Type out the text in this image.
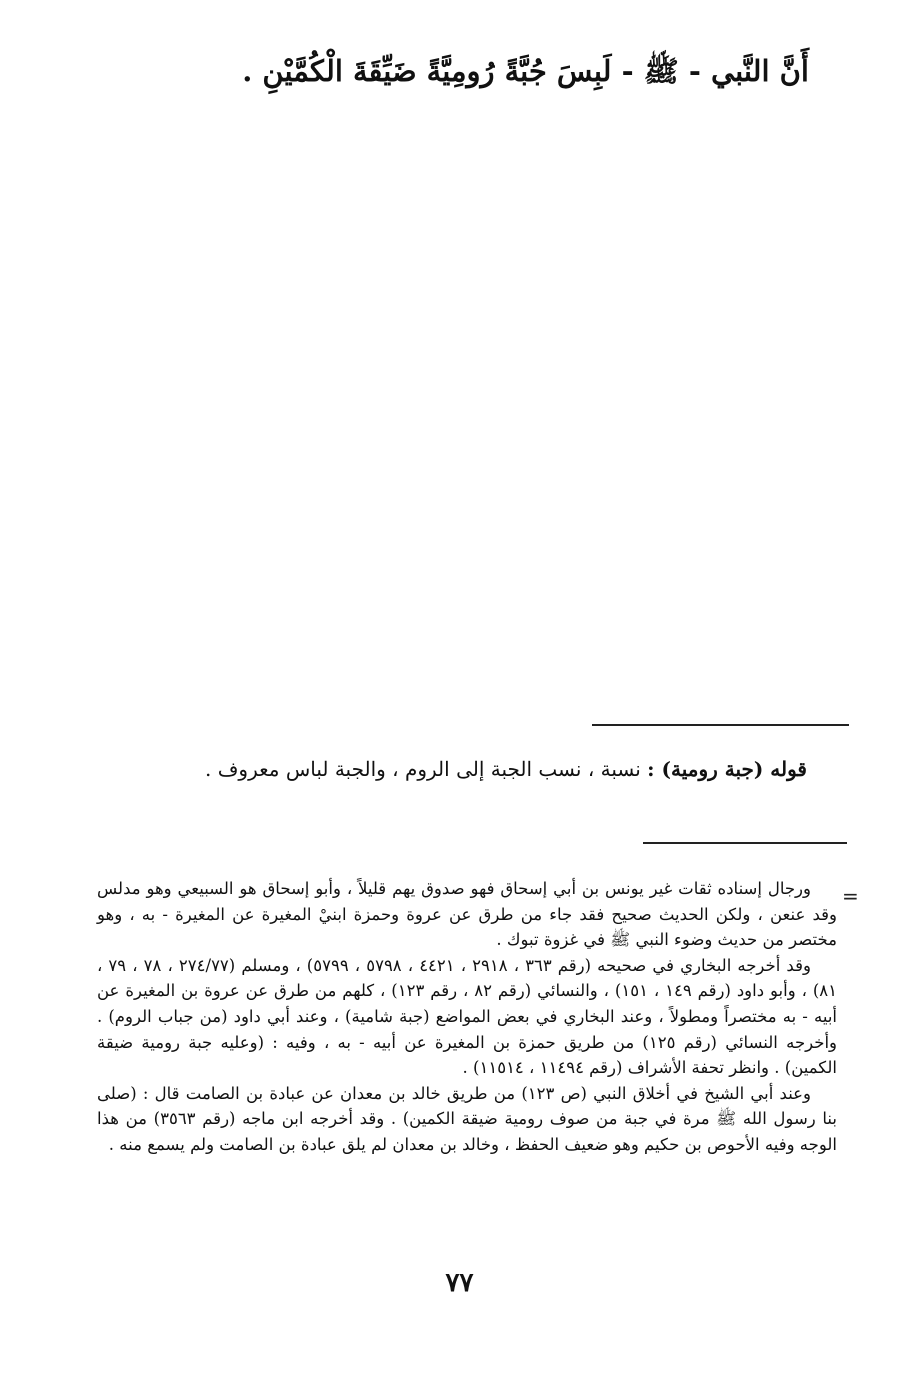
أَنَّ النَّبي - ﷺ - لَبِسَ جُبَّةً رُومِيَّةً ضَيِّقَةَ الْكُمَّيْنِ .
قوله (جبة رومية) : نسبة ، نسب الجبة إلى الروم ، والجبة لباس معروف .
=

ورجال إسناده ثقات غير يونس بن أبي إسحاق فهو صدوق يهم قليلاً ، وأبو إسحاق هو السبيعي وهو مدلس وقد عنعن ، ولكن الحديث صحيح فقد جاء من طرق عن عروة وحمزة ابنيْ المغيرة عن المغيرة - به ، وهو مختصر من حديث وضوء النبي ﷺ في غزوة تبوك .

وقد أخرجه البخاري في صحيحه (رقم ٣٦٣ ، ٢٩١٨ ، ٤٤٢١ ، ٥٧٩٨ ، ٥٧٩٩) ، ومسلم (٢٧٤/٧٧ ، ٧٨ ، ٧٩ ، ٨١) ، وأبو داود (رقم ١٤٩ ، ١٥١) ، والنسائي (رقم ٨٢ ، رقم ١٢٣) ، كلهم من طرق عن عروة بن المغيرة عن أبيه - به مختصراً ومطولاً ، وعند البخاري في بعض المواضع (جبة شامية) ، وعند أبي داود (من جباب الروم) . وأخرجه النسائي (رقم ١٢٥) من طريق حمزة بن المغيرة عن أبيه - به ، وفيه : (وعليه جبة رومية ضيقة الكمين) . وانظر تحفة الأشراف (رقم ١١٤٩٤ ، ١١٥١٤) .

وعند أبي الشيخ في أخلاق النبي (ص ١٢٣) من طريق خالد بن معدان عن عبادة بن الصامت قال : (صلى بنا رسول الله ﷺ مرة في جبة من صوف رومية ضيقة الكمين) . وقد أخرجه ابن ماجه (رقم ٣٥٦٣) من هذا الوجه وفيه الأحوص بن حكيم وهو ضعيف الحفظ ، وخالد بن معدان لم يلق عبادة بن الصامت ولم يسمع منه .

٧٧
